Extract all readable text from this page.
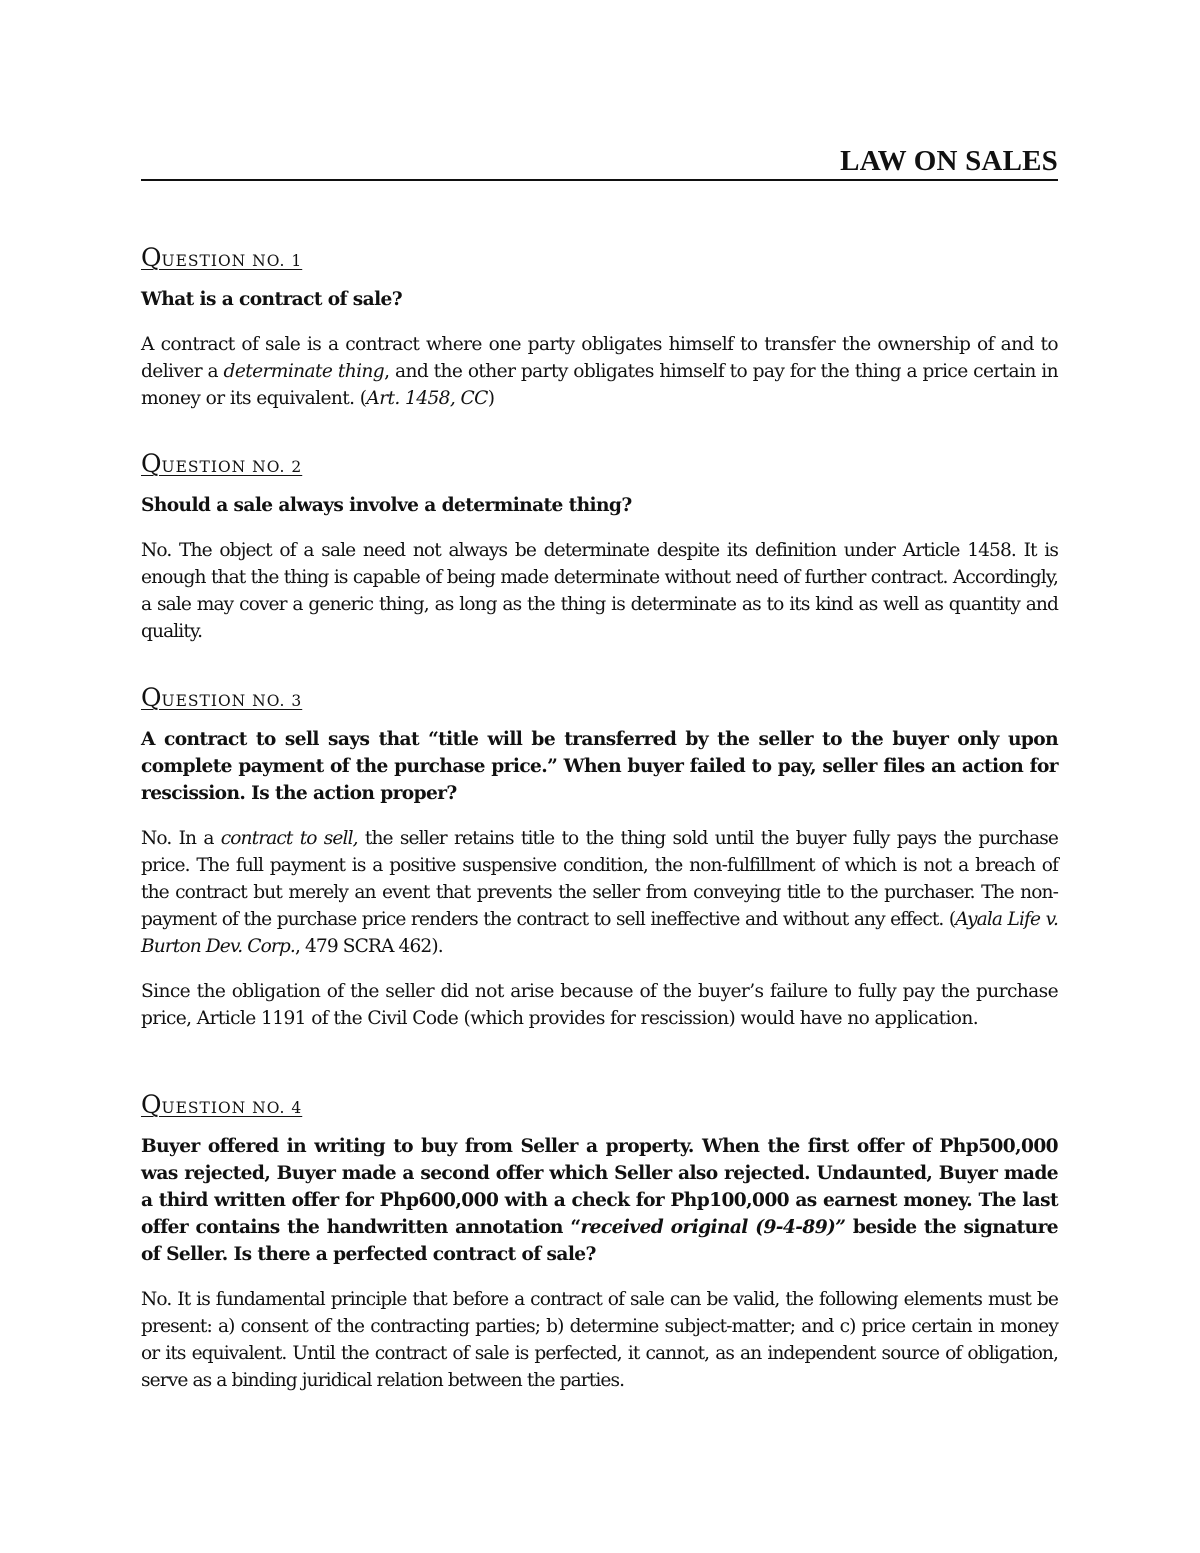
LAW ON SALES

QUESTION NO. 1

What is a contract of sale?

A contract of sale is a contract where one party obligates himself to transfer the ownership of and to deliver a determinate thing, and the other party obligates himself to pay for the thing a price certain in money or its equivalent. (Art. 1458, CC)

QUESTION NO. 2

Should a sale always involve a determinate thing?

No. The object of a sale need not always be determinate despite its definition under Article 1458. It is enough that the thing is capable of being made determinate without need of further contract. Accordingly, a sale may cover a generic thing, as long as the thing is determinate as to its kind as well as quantity and quality.

QUESTION NO. 3

A contract to sell says that “title will be transferred by the seller to the buyer only upon complete payment of the purchase price.” When buyer failed to pay, seller files an action for rescission. Is the action proper?

No. In a contract to sell, the seller retains title to the thing sold until the buyer fully pays the purchase price. The full payment is a positive suspensive condition, the non-fulfillment of which is not a breach of the contract but merely an event that prevents the seller from conveying title to the purchaser. The non-payment of the purchase price renders the contract to sell ineffective and without any effect. (Ayala Life v. Burton Dev. Corp., 479 SCRA 462).

Since the obligation of the seller did not arise because of the buyer’s failure to fully pay the purchase price, Article 1191 of the Civil Code (which provides for rescission) would have no application.

QUESTION NO. 4

Buyer offered in writing to buy from Seller a property. When the first offer of Php500,000 was rejected, Buyer made a second offer which Seller also rejected. Undaunted, Buyer made a third written offer for Php600,000 with a check for Php100,000 as earnest money. The last offer contains the handwritten annotation “received original (9-4-89)” beside the signature of Seller. Is there a perfected contract of sale?

No. It is fundamental principle that before a contract of sale can be valid, the following elements must be present: a) consent of the contracting parties; b) determine subject-matter; and c) price certain in money or its equivalent. Until the contract of sale is perfected, it cannot, as an independent source of obligation, serve as a binding juridical relation between the parties.
